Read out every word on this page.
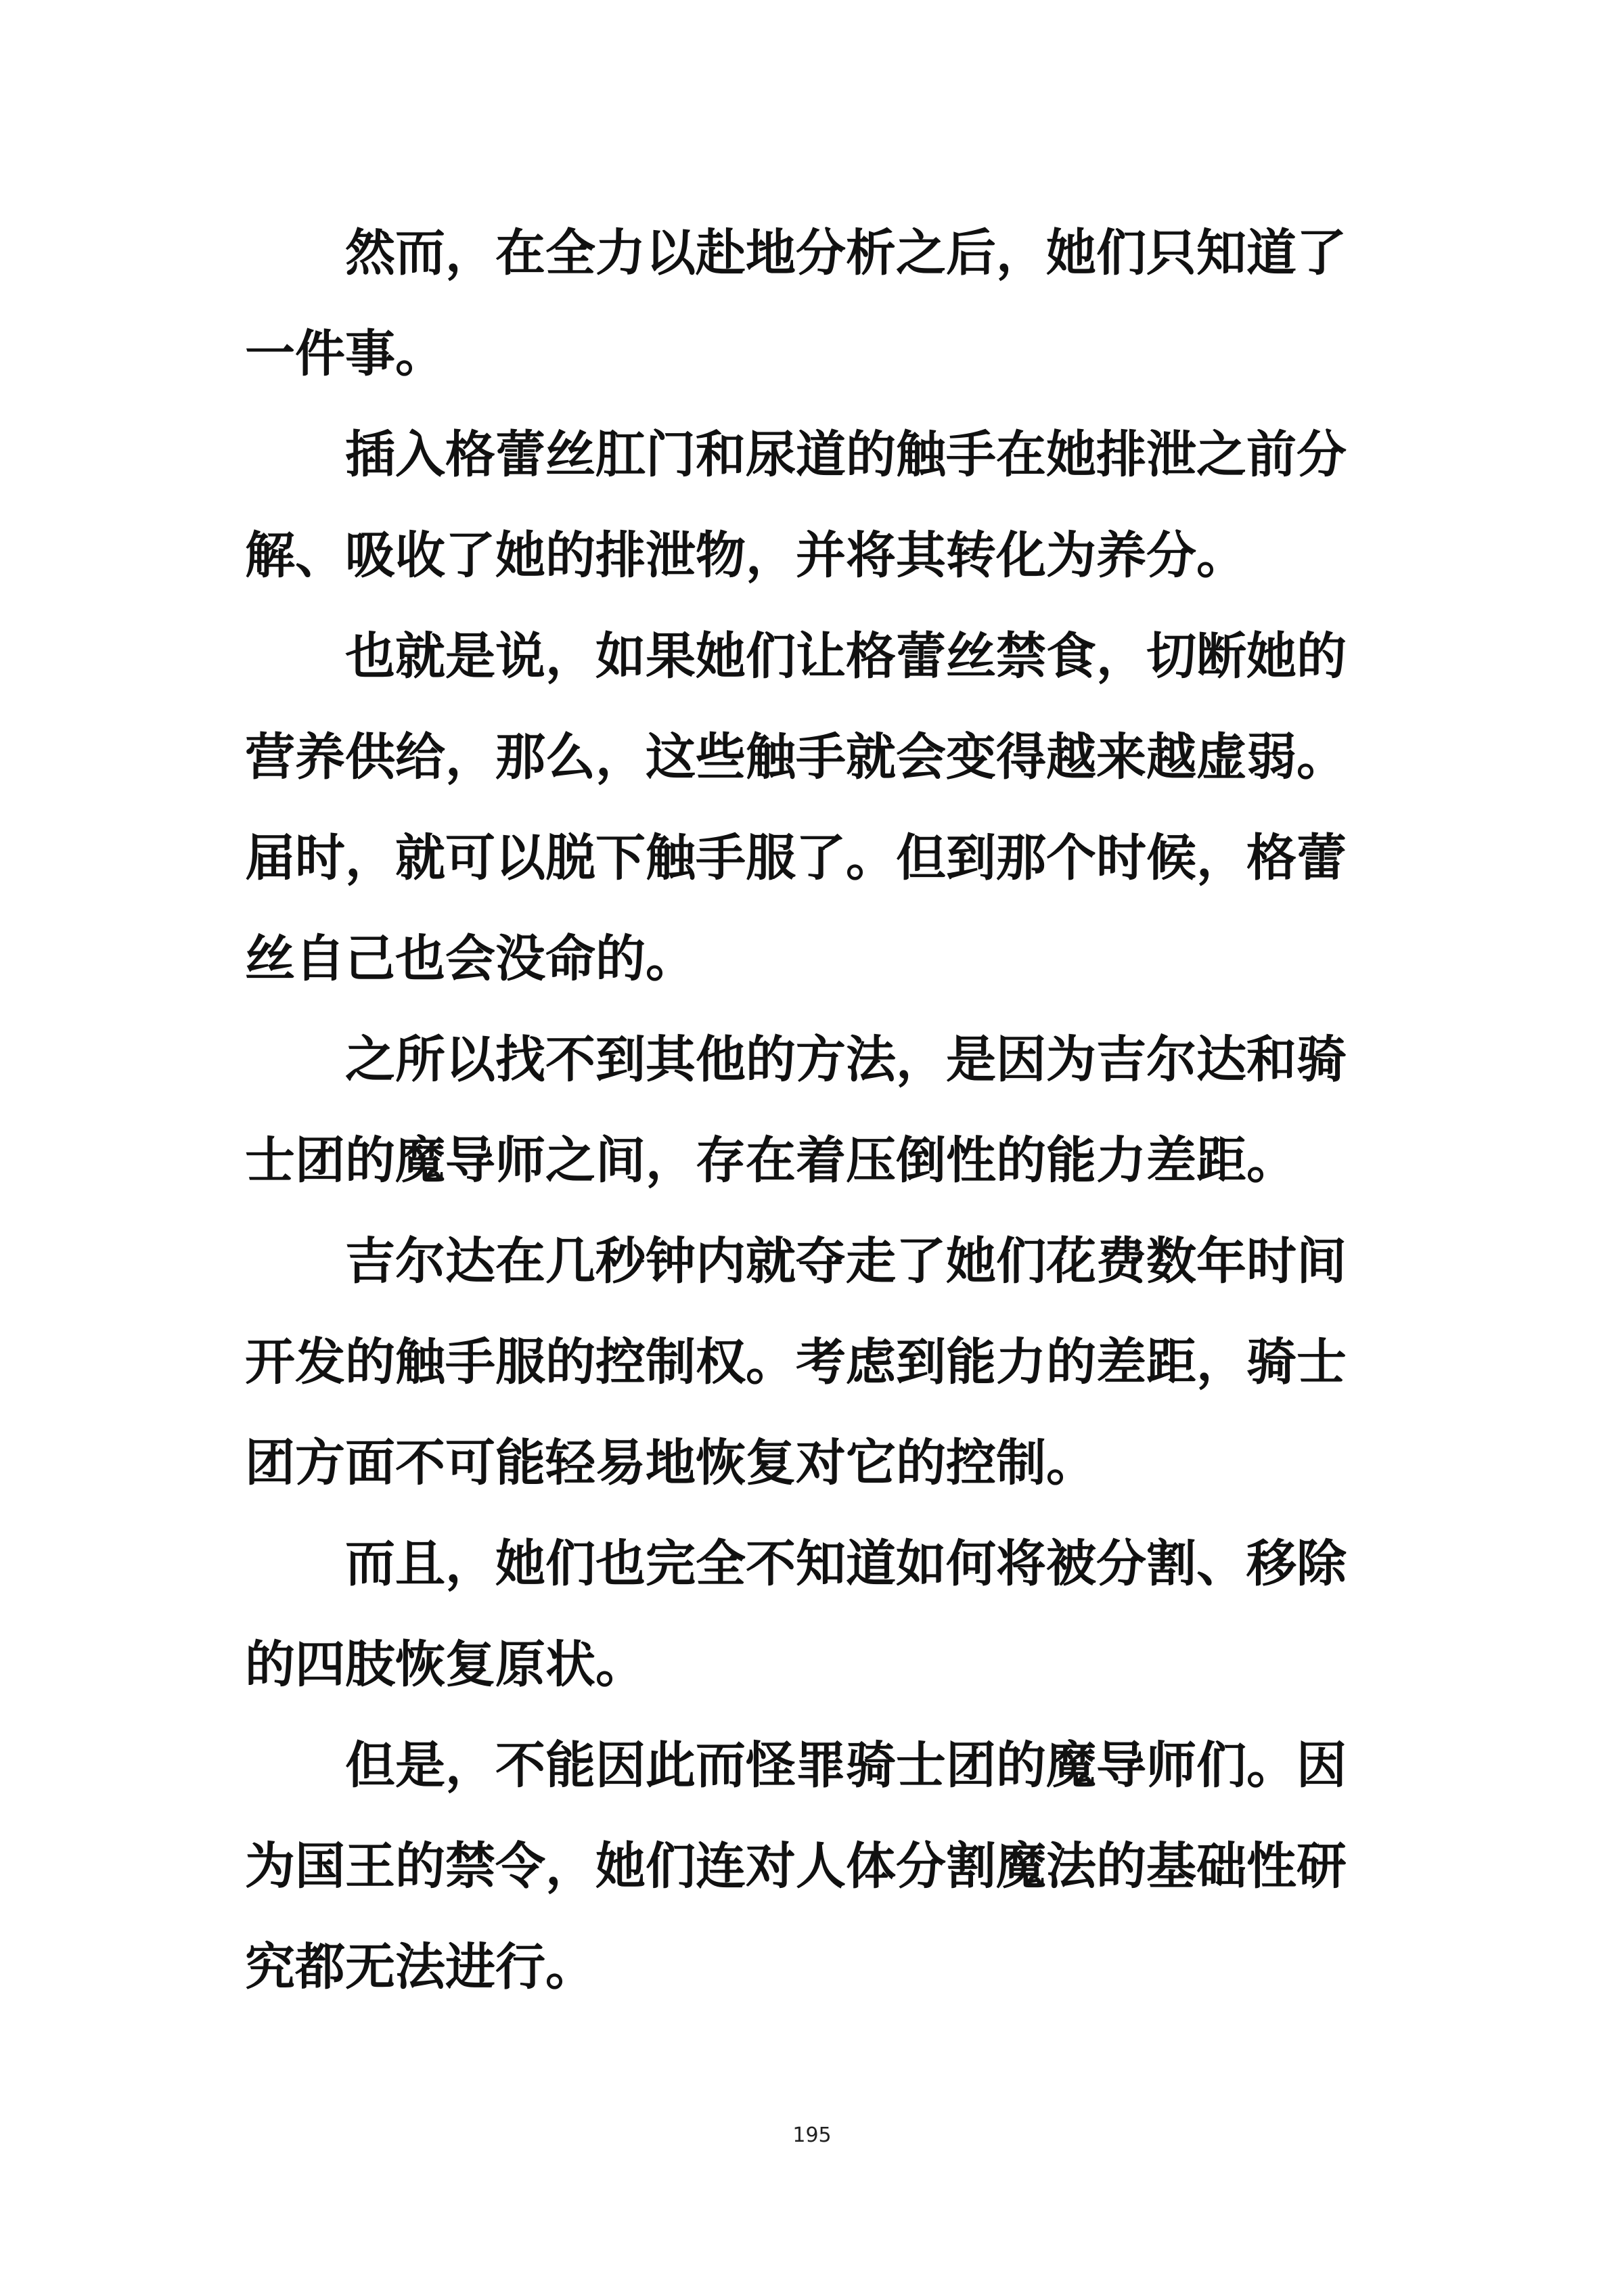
然而，在全力以赴地分析之后，她们只知道了一件事。

插入格蕾丝肛门和尿道的触手在她排泄之前分解、吸收了她的排泄物，并将其转化为养分。

也就是说，如果她们让格蕾丝禁食，切断她的营养供给，那么，这些触手就会变得越来越虚弱。届时，就可以脱下触手服了。但到那个时候，格蕾丝自己也会没命的。

之所以找不到其他的方法，是因为吉尔达和骑士团的魔导师之间，存在着压倒性的能力差距。

吉尔达在几秒钟内就夺走了她们花费数年时间开发的触手服的控制权。考虑到能力的差距，骑士团方面不可能轻易地恢复对它的控制。

而且，她们也完全不知道如何将被分割、移除的四肢恢复原状。

但是，不能因此而怪罪骑士团的魔导师们。因为国王的禁令，她们连对人体分割魔法的基础性研究都无法进行。

195
